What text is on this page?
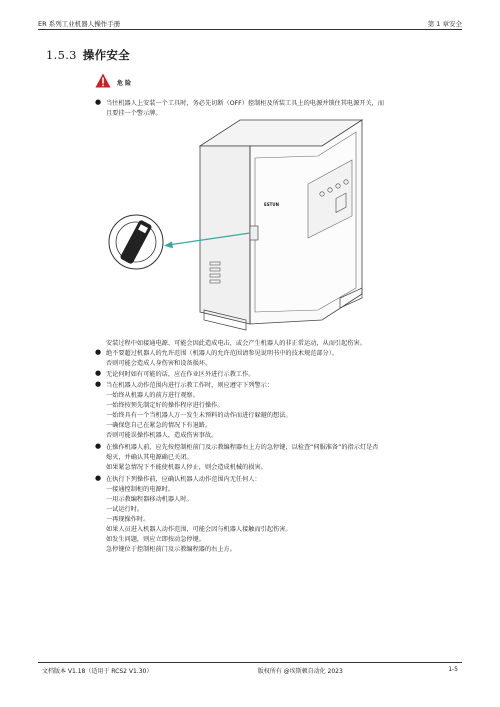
ER 系列工业机器人操作手册	第 1 章安全
1.5.3 操作安全
危 险
● 当往机器人上安装一个工具时，务必先切断（OFF）控制柜及所装工具上的电源并锁住其电源开关，而
且要挂一个警示牌。
ESTUN
安装过程中如接通电源、可能会因此造成电击，或会产生机器人的非正常运动，从而引起伤害。
● 绝不要超过机器人的允许范围（机器人的允许范围请参见说明书中的技术规范部分）。
否则可能会造成人身伤害和设备损坏。
● 无论何时如有可能的话，应在作业区外进行示教工作。
● 当在机器人动作范围内进行示教工作时，则应遵守下列警示：
一始终从机器人的前方进行观察。
一始终按预先制定好的操作程序进行操作。
一始终具有一个当机器人万一发生未预料的动作而进行躲避的想法。
一确保您自己在紧急的情况下有退路。
否则可能误操作机器人，造成伤害事故。
● 在操作机器人前，应先按控制柜前门及示教编程器右上方的急停键，以检查“伺服准备”的指示灯是否
熄灭，并确认其电源确已关闭。
如果紧急情况下不能使机器人停止，则会造成机械的损害。
● 在执行下列操作前，应确认机器人动作范围内无任何人：
一接通控制柜的电源时。
一用示教编程器移动机器人时。
一试运行时。
一再现操作时。
如果人员进入机器人动作范围，可能会因与机器人接触而引起伤害。
如发生问题，则应立即按动急停键。
急停键位于控制柜前门及示教编程器的右上方。
文档版本 V1.18（适用于 RCS2 V1.30）	版权所有 @埃斯顿自动化 2023	1-5
